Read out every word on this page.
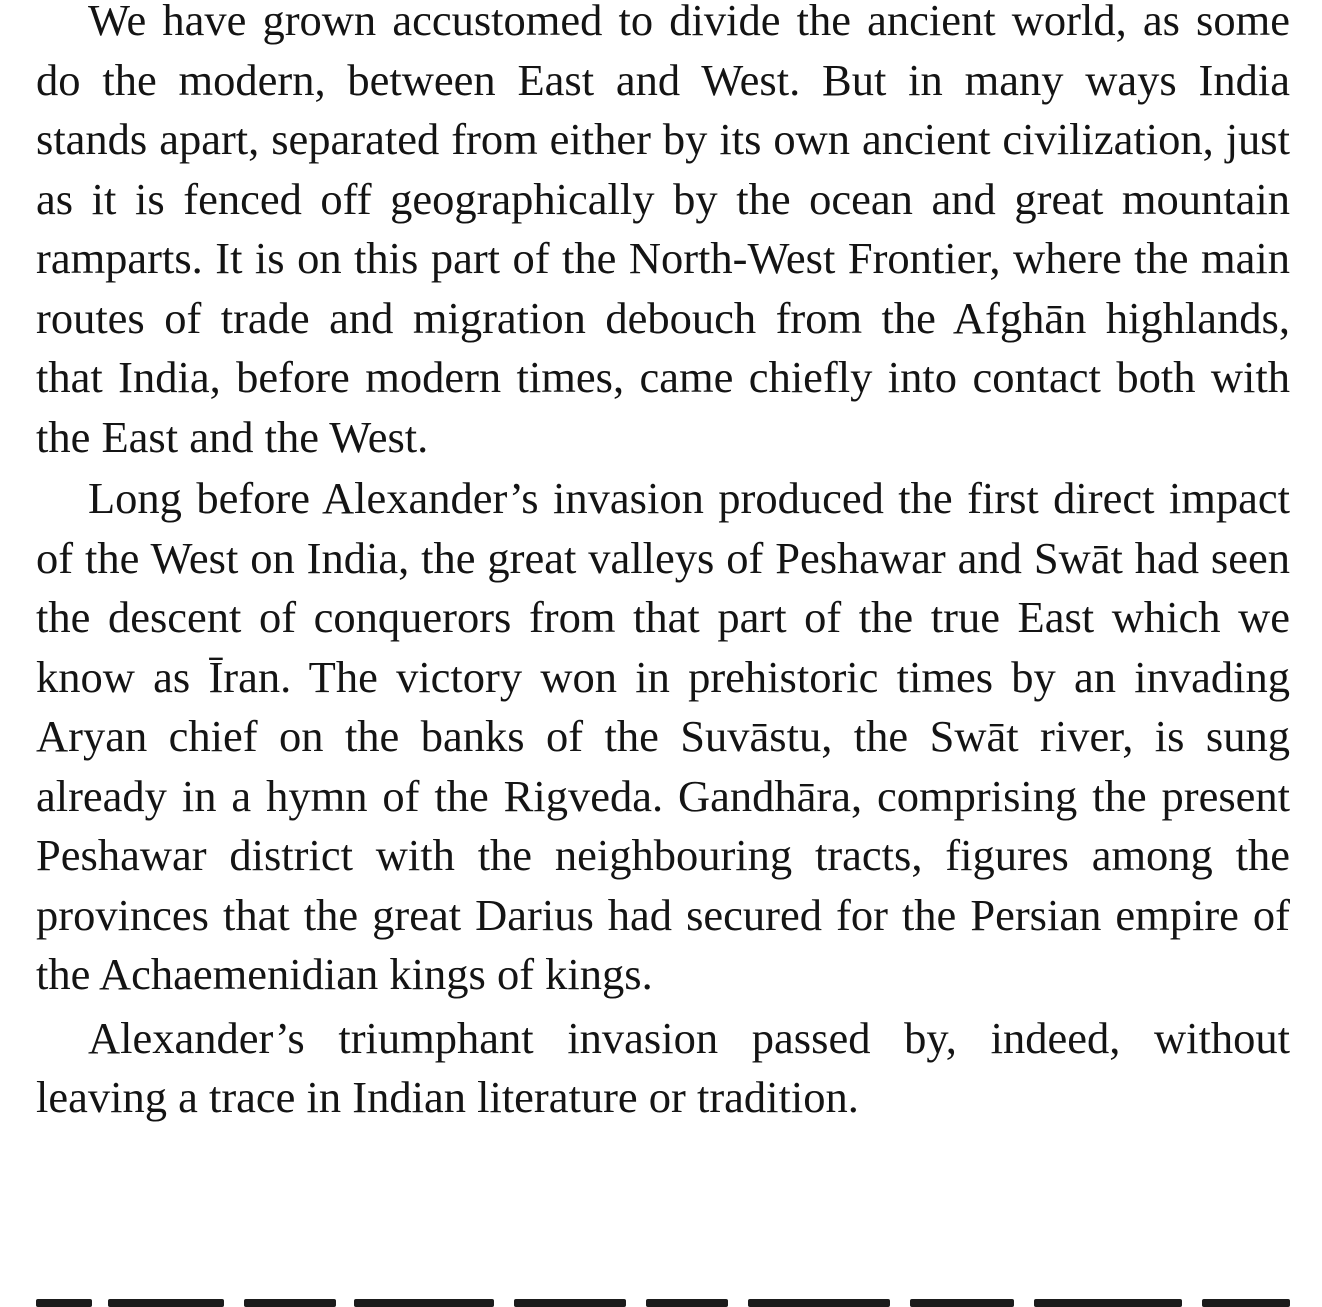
We have grown accustomed to divide the ancient world, as some do the modern, between East and West. But in many ways India stands apart, separated from either by its own ancient civilization, just as it is fenced off geographically by the ocean and great mountain ramparts. It is on this part of the North-West Frontier, where the main routes of trade and migration debouch from the Afghān highlands, that India, before modern times, came chiefly into contact both with the East and the West.

Long before Alexander’s invasion produced the first direct impact of the West on India, the great valleys of Peshawar and Swāt had seen the descent of conquerors from that part of the true East which we know as Īran. The victory won in prehistoric times by an invading Aryan chief on the banks of the Suvāstu, the Swāt river, is sung already in a hymn of the Rigveda. Gandhāra, comprising the present Peshawar district with the neighbouring tracts, figures among the provinces that the great Darius had secured for the Persian empire of the Achaemenidian kings of kings.

Alexander’s triumphant invasion passed by, indeed, without leaving a trace in Indian literature or tradition.
